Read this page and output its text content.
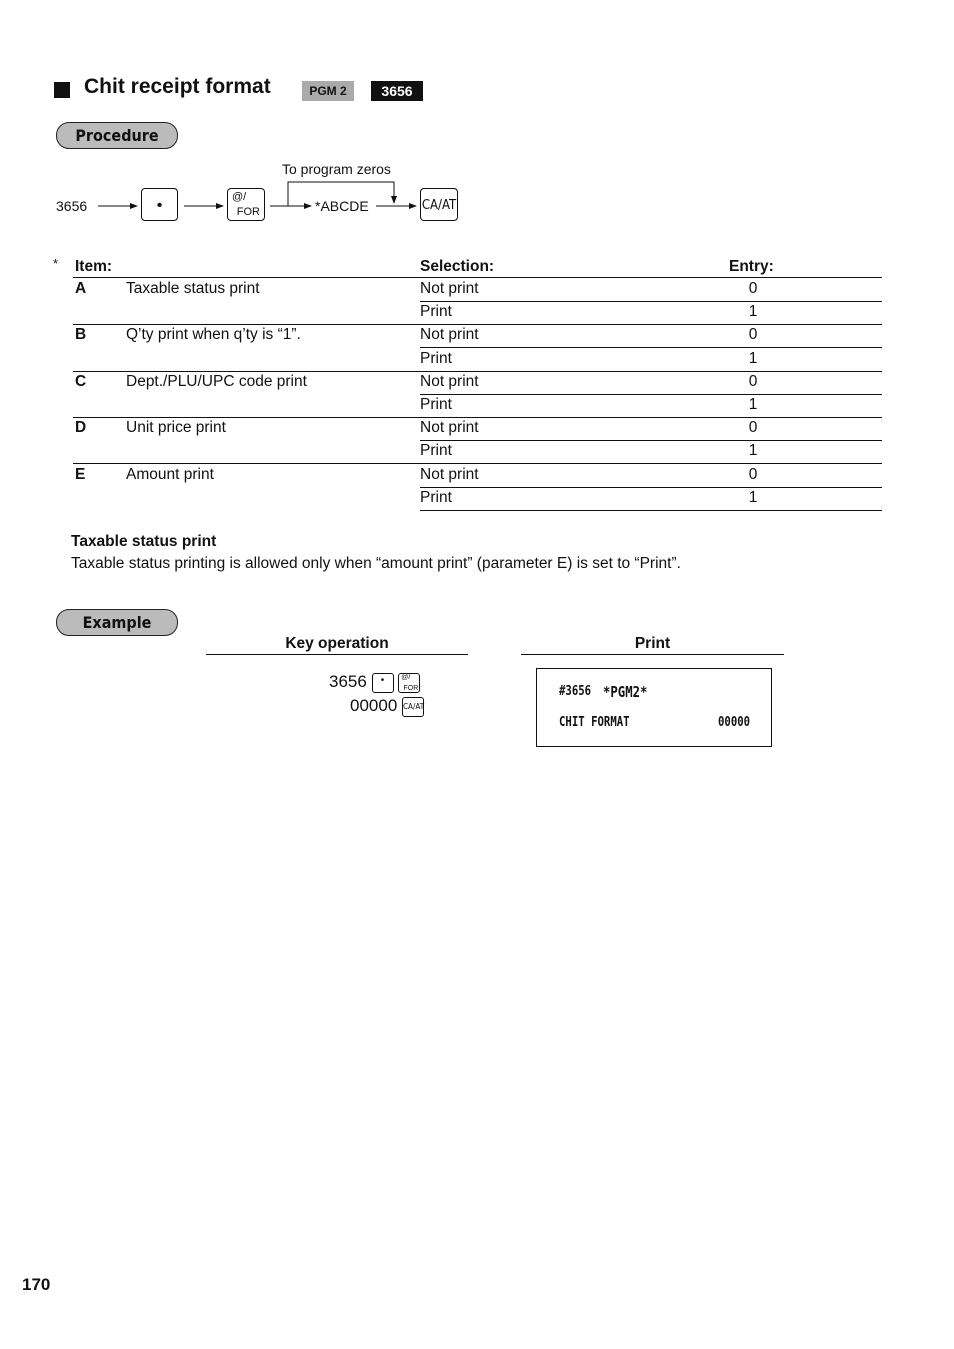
Chit receipt format	PGM 2	3656
Procedure
3656	•	@/
FOR
To program zeros
*ABCDE	CA/AT
* Item:	Selection:	Entry:
A	Taxable status print	Not print	0
Print	1
B	Q’ty print when q’ty is “1”.	Not print	0
Print	1
C	Dept./PLU/UPC code print	Not print	0
Print	1
D	Unit price print	Not print	0
Print	1
E	Amount print	Not print	0
Print	1
Taxable status print
Taxable status printing is allowed only when “amount print” (parameter E) is set to “Print”.
Example
Key operation	Print
3656	•
	@/
FOR
00000 CA/AT
#3656 *PGM2*
CHIT FORMAT	00000
170
